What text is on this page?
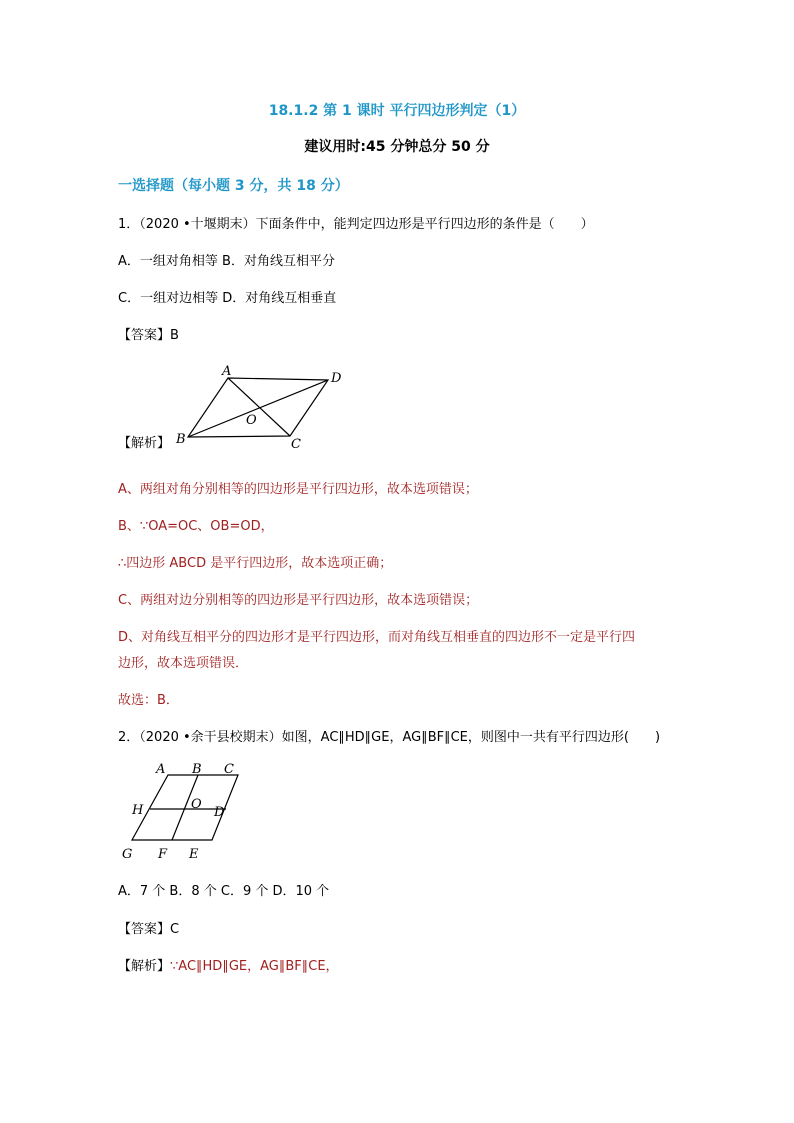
18.1.2 第 1 课时 平行四边形判定（1）
建议用时:45 分钟总分 50 分
一选择题（每小题 3 分，共 18 分）
1．（2020 •十堰期末）下面条件中，能判定四边形是平行四边形的条件是（　　）
A．一组对角相等 B．对角线互相平分
C．一组对边相等 D．对角线互相垂直
【答案】B
A	D
B	C
O
【解析】
A、两组对角分别相等的四边形是平行四边形，故本选项错误；
B、∵OA=OC、OB=OD，
∴四边形 ABCD 是平行四边形，故本选项正确；
C、两组对边分别相等的四边形是平行四边形，故本选项错误；
D、对角线互相平分的四边形才是平行四边形，而对角线互相垂直的四边形不一定是平行四
边形，故本选项错误．
故选：B．
2．（2020 •余干县校期末）如图，AC∥HD∥GE，AG∥BF∥CE，则图中一共有平行四边形(　　)
A B C
H	O
D
G F E
A．7 个 B．8 个 C．9 个 D．10 个
【答案】C
【解析】∵AC∥HD∥GE，AG∥BF∥CE，
